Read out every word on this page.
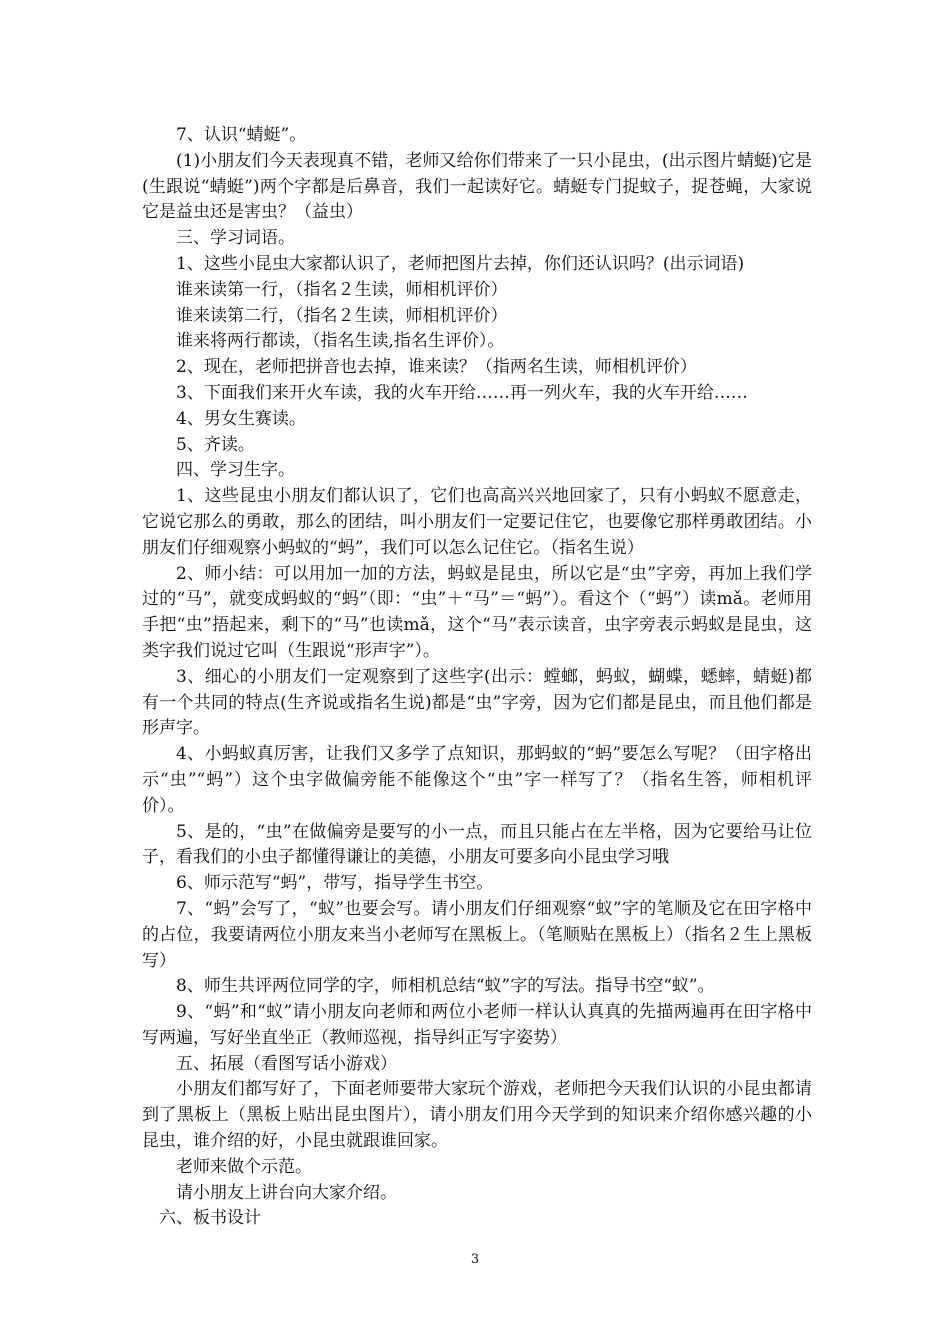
7、认识“蜻蜓”。

(1)小朋友们今天表现真不错，老师又给你们带来了一只小昆虫，(出示图片蜻蜓)它是(生跟说“蜻蜓”)两个字都是后鼻音，我们一起读好它。蜻蜓专门捉蚊子，捉苍蝇，大家说它是益虫还是害虫？（益虫）

三、学习词语。

1、这些小昆虫大家都认识了，老师把图片去掉，你们还认识吗？(出示词语)

谁来读第一行，（指名２生读，师相机评价）

谁来读第二行，（指名２生读，师相机评价）

谁来将两行都读，（指名生读,指名生评价）。

2、现在，老师把拼音也去掉，谁来读？（指两名生读，师相机评价）

3、下面我们来开火车读，我的火车开给……再一列火车，我的火车开给……

4、男女生赛读。

5、齐读。

四、学习生字。

1、这些昆虫小朋友们都认识了，它们也高高兴兴地回家了，只有小蚂蚁不愿意走，它说它那么的勇敢，那么的团结，叫小朋友们一定要记住它，也要像它那样勇敢团结。小朋友们仔细观察小蚂蚁的“蚂”，我们可以怎么记住它。（指名生说）

2、师小结：可以用加一加的方法，蚂蚁是昆虫，所以它是“虫”字旁，再加上我们学过的“马”，就变成蚂蚁的“蚂”（即：“虫”＋“马”＝“蚂”）。看这个（“蚂”）读mǎ。老师用手把“虫”捂起来，剩下的“马”也读mǎ，这个“马”表示读音，虫字旁表示蚂蚁是昆虫，这类字我们说过它叫（生跟说“形声字”）。

3、细心的小朋友们一定观察到了这些字(出示：螳螂，蚂蚁，蝴蝶，蟋蟀，蜻蜓)都有一个共同的特点(生齐说或指名生说)都是“虫”字旁，因为它们都是昆虫，而且他们都是形声字。

4、小蚂蚁真厉害，让我们又多学了点知识，那蚂蚁的“蚂”要怎么写呢？（田字格出示“虫”“蚂”）这个虫字做偏旁能不能像这个“虫”字一样写了？（指名生答，师相机评价）。

5、是的，“虫”在做偏旁是要写的小一点，而且只能占在左半格，因为它要给马让位子，看我们的小虫子都懂得谦让的美德，小朋友可要多向小昆虫学习哦

6、师示范写“蚂”，带写，指导学生书空。

7、“蚂”会写了，“蚁”也要会写。请小朋友们仔细观察“蚁”字的笔顺及它在田字格中的占位，我要请两位小朋友来当小老师写在黑板上。（笔顺贴在黑板上）（指名２生上黑板写）

8、师生共评两位同学的字，师相机总结“蚁”字的写法。指导书空“蚁”。

9、“蚂”和“蚁”请小朋友向老师和两位小老师一样认认真真的先描两遍再在田字格中写两遍，写好坐直坐正（教师巡视，指导纠正写字姿势）

五、拓展（看图写话小游戏）

小朋友们都写好了，下面老师要带大家玩个游戏，老师把今天我们认识的小昆虫都请到了黑板上（黑板上贴出昆虫图片），请小朋友们用今天学到的知识来介绍你感兴趣的小昆虫，谁介绍的好，小昆虫就跟谁回家。

老师来做个示范。

请小朋友上讲台向大家介绍。

六、板书设计

3
